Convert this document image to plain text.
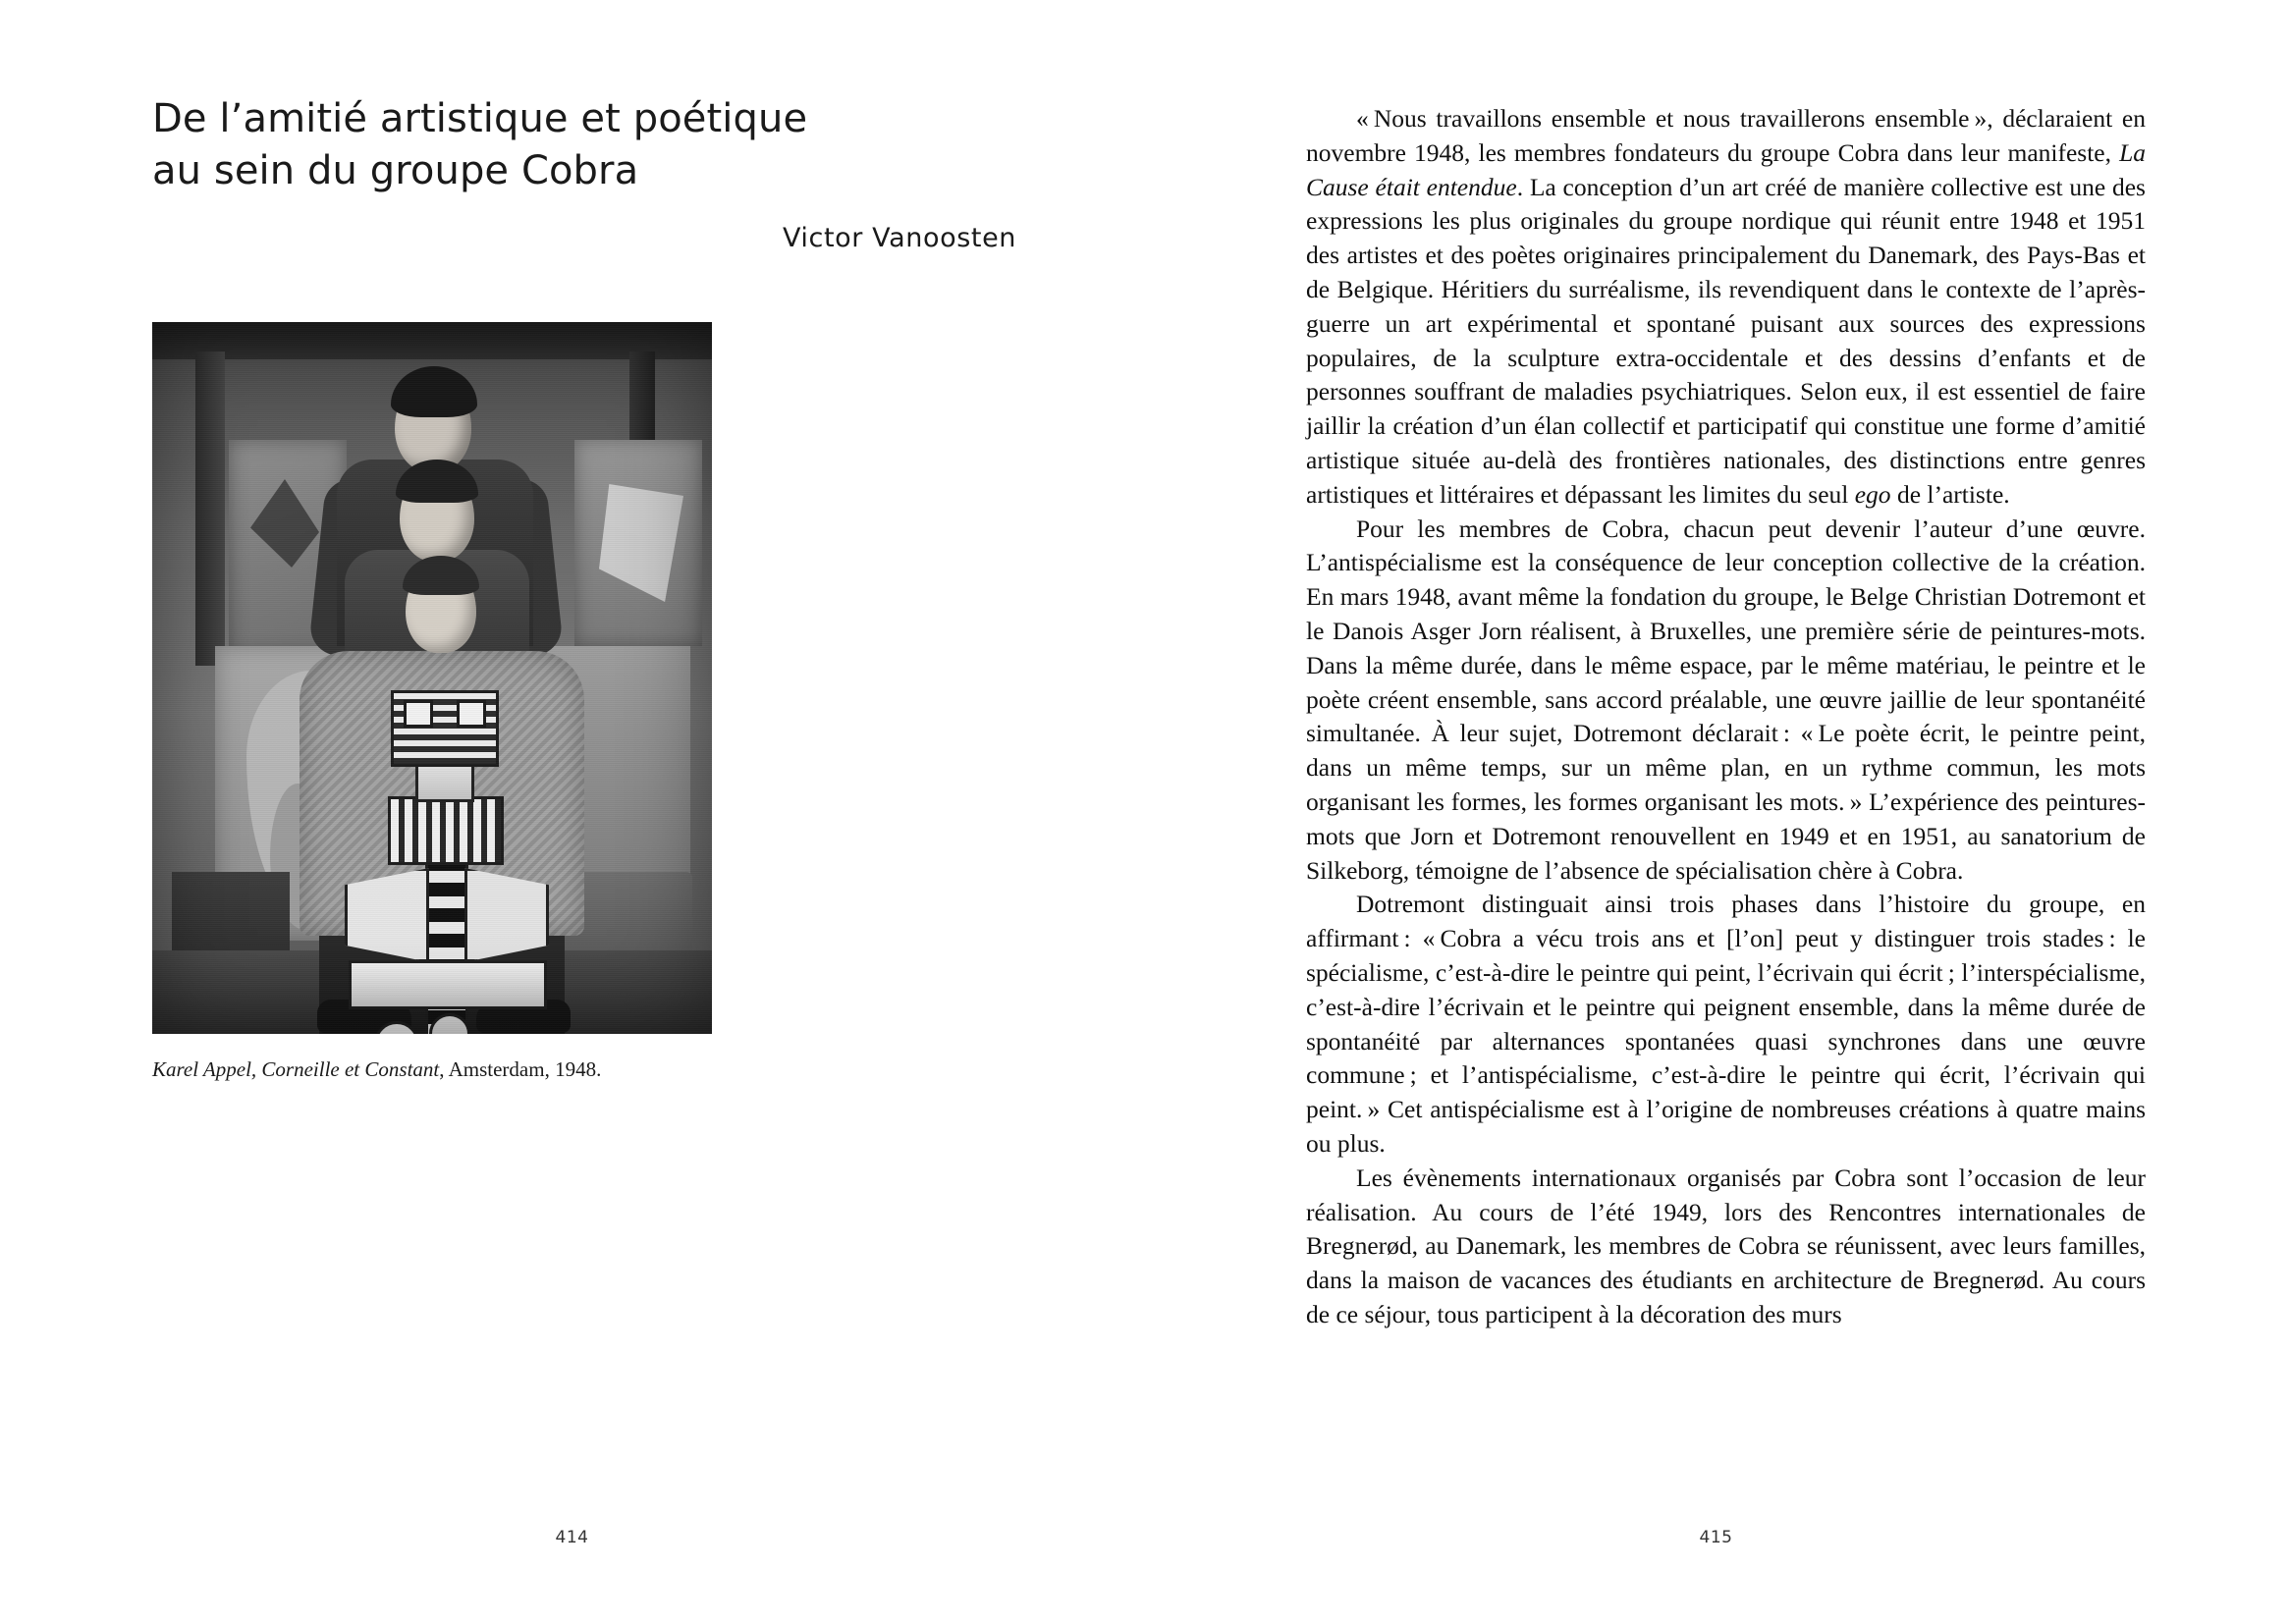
De l’amitié artistique et poétique
au sein du groupe Cobra
Victor Vanoosten
Karel Appel, Corneille et Constant, Amsterdam, 1948.
414

« Nous travaillons ensemble et nous travaillerons ensemble », déclaraient en novembre 1948, les membres fondateurs du groupe Cobra dans leur manifeste, La Cause était entendue. La conception d’un art créé de manière collective est une des expressions les plus originales du groupe nordique qui réunit entre 1948 et 1951 des artistes et des poètes originaires principalement du Danemark, des Pays-Bas et de Belgique. Héritiers du surréalisme, ils revendiquent dans le contexte de l’après-guerre un art expérimental et spontané puisant aux sources des expressions populaires, de la sculpture extra-occidentale et des dessins d’enfants et de personnes souffrant de maladies psychiatriques. Selon eux, il est essentiel de faire jaillir la création d’un élan collectif et participatif qui constitue une forme d’amitié artistique située au-delà des frontières nationales, des distinctions entre genres artistiques et littéraires et dépassant les limites du seul ego de l’artiste.

Pour les membres de Cobra, chacun peut devenir l’auteur d’une œuvre. L’antispécialisme est la conséquence de leur conception collective de la création. En mars 1948, avant même la fondation du groupe, le Belge Christian Dotremont et le Danois Asger Jorn réalisent, à Bruxelles, une première série de peintures-mots. Dans la même durée, dans le même espace, par le même matériau, le peintre et le poète créent ensemble, sans accord préalable, une œuvre jaillie de leur spontanéité simultanée. À leur sujet, Dotremont déclarait : « Le poète écrit, le peintre peint, dans un même temps, sur un même plan, en un rythme commun, les mots organisant les formes, les formes organisant les mots. » L’expérience des peintures-mots que Jorn et Dotremont renouvellent en 1949 et en 1951, au sanatorium de Silkeborg, témoigne de l’absence de spécialisation chère à Cobra.

Dotremont distinguait ainsi trois phases dans l’histoire du groupe, en affirmant : « Cobra a vécu trois ans et [l’on] peut y distinguer trois stades : le spécialisme, c’est-à-dire le peintre qui peint, l’écrivain qui écrit ; l’interspécialisme, c’est-à-dire l’écrivain et le peintre qui peignent ensemble, dans la même durée de spontanéité par alternances spontanées quasi synchrones dans une œuvre commune ; et l’antispécialisme, c’est-à-dire le peintre qui écrit, l’écrivain qui peint. » Cet antispécialisme est à l’origine de nombreuses créations à quatre mains ou plus.

Les évènements internationaux organisés par Cobra sont l’occasion de leur réalisation. Au cours de l’été 1949, lors des Rencontres internationales de Bregnerød, au Danemark, les membres de Cobra se réunissent, avec leurs familles, dans la maison de vacances des étudiants en architecture de Bregnerød. Au cours de ce séjour, tous participent à la décoration des murs

415
